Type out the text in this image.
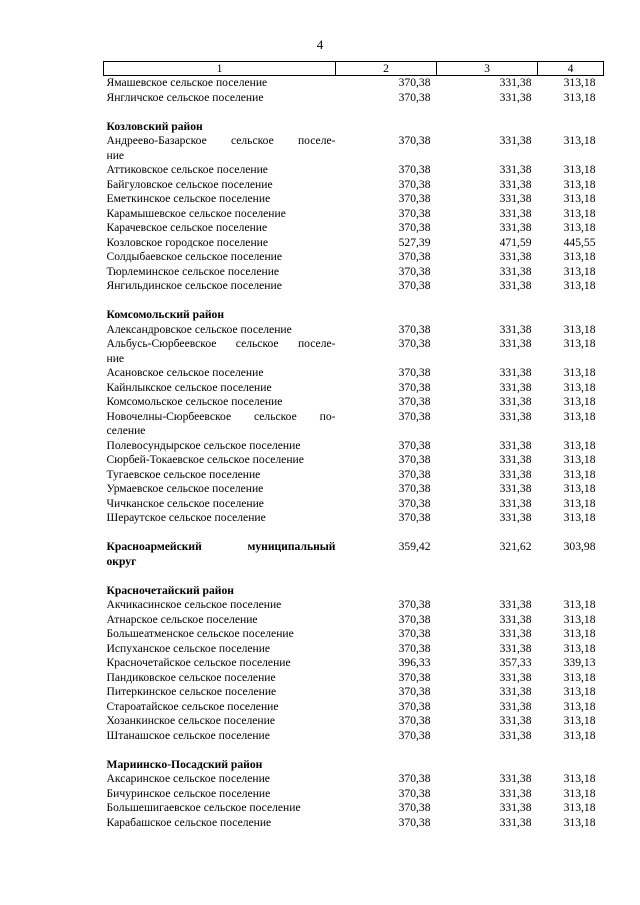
4
1	2	3	4
Ямашевское сельское поселение	370,38	331,38	313,18
Янгличское сельское поселение	370,38	331,38	313,18

Козловский район			

Андреево-Базарское сельское поселе-
ние	370,38	331,38	313,18
Аттиковское сельское поселение	370,38	331,38	313,18
Байгуловское сельское поселение	370,38	331,38	313,18
Еметкинское сельское поселение	370,38	331,38	313,18
Карамышевское сельское поселение	370,38	331,38	313,18
Карачевское сельское поселение	370,38	331,38	313,18
Козловское городское поселение	527,39	471,59	445,55
Солдыбаевское сельское поселение	370,38	331,38	313,18
Тюрлеминское сельское поселение	370,38	331,38	313,18
Янгильдинское сельское поселение	370,38	331,38	313,18

Комсомольский район			
Александровское сельское поселение	370,38	331,38	313,18

Альбусь-Сюрбеевское сельское поселе-
ние	370,38	331,38	313,18
Асановское сельское поселение	370,38	331,38	313,18
Кайнлыкское сельское поселение	370,38	331,38	313,18
Комсомольское сельское поселение	370,38	331,38	313,18

Новочелны-Сюрбеевское сельское по-
селение	370,38	331,38	313,18
Полевосундырское сельское поселение	370,38	331,38	313,18
Сюрбей-Токаевское сельское поселение	370,38	331,38	313,18
Тугаевское сельское поселение	370,38	331,38	313,18
Урмаевское сельское поселение	370,38	331,38	313,18
Чичканское сельское поселение	370,38	331,38	313,18
Шераутское сельское поселение	370,38	331,38	313,18

Красноармейский муниципальный
округ	359,42	321,62	303,98

Красночетайский район			
Акчикасинское сельское поселение	370,38	331,38	313,18
Атнарское сельское поселение	370,38	331,38	313,18
Большеатменское сельское поселение	370,38	331,38	313,18
Испуханское сельское поселение	370,38	331,38	313,18
Красночетайское сельское поселение	396,33	357,33	339,13
Пандиковское сельское поселение	370,38	331,38	313,18
Питеркинское сельское поселение	370,38	331,38	313,18
Староатайское сельское поселение	370,38	331,38	313,18
Хозанкинское сельское поселение	370,38	331,38	313,18
Штанашское сельское поселение	370,38	331,38	313,18

Мариинско-Посадский район			
Аксаринское сельское поселение	370,38	331,38	313,18
Бичуринское сельское поселение	370,38	331,38	313,18
Большешигаевское сельское поселение	370,38	331,38	313,18
Карабашское сельское поселение	370,38	331,38	313,18
